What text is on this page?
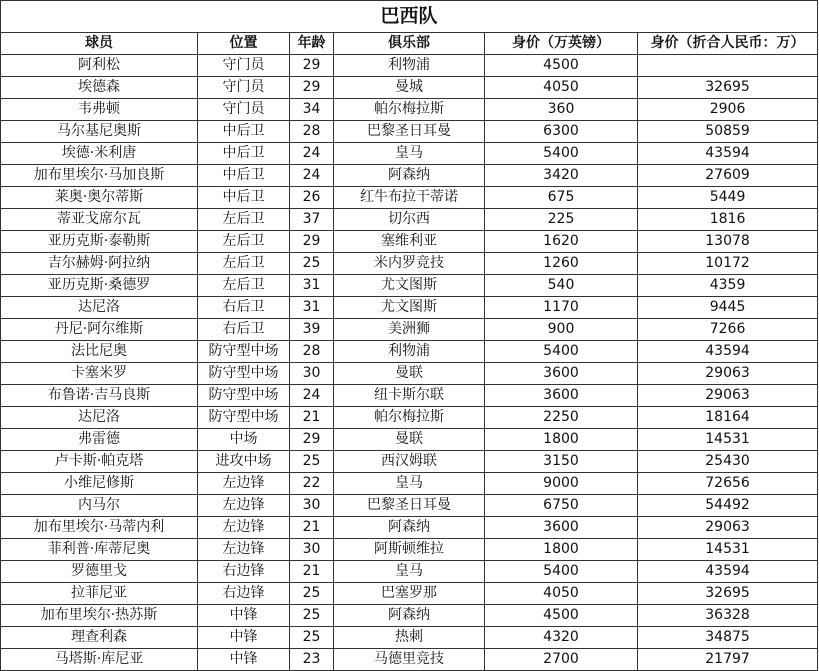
巴西队					
球员	位置	年龄	俱乐部	身价（万英镑）	身价（折合人民币：万）
阿利松	守门员	29	利物浦	4500	
埃德森	守门员	29	曼城	4050	32695
韦弗顿	守门员	34	帕尔梅拉斯	360	2906
马尔基尼奥斯	中后卫	28	巴黎圣日耳曼	6300	50859
埃德·米利唐	中后卫	24	皇马	5400	43594
加布里埃尔·马加良斯	中后卫	24	阿森纳	3420	27609
莱奥·奥尔蒂斯	中后卫	26	红牛布拉干蒂诺	675	5449
蒂亚戈席尔瓦	左后卫	37	切尔西	225	1816
亚历克斯·泰勒斯	左后卫	29	塞维利亚	1620	13078
吉尔赫姆·阿拉纳	左后卫	25	米内罗竞技	1260	10172
亚历克斯·桑德罗	左后卫	31	尤文图斯	540	4359
达尼洛	右后卫	31	尤文图斯	1170	9445
丹尼·阿尔维斯	右后卫	39	美洲狮	900	7266
法比尼奥	防守型中场	28	利物浦	5400	43594
卡塞米罗	防守型中场	30	曼联	3600	29063
布鲁诺·吉马良斯	防守型中场	24	纽卡斯尔联	3600	29063
达尼洛	防守型中场	21	帕尔梅拉斯	2250	18164
弗雷德	中场	29	曼联	1800	14531
卢卡斯·帕克塔	进攻中场	25	西汉姆联	3150	25430
小维尼修斯	左边锋	22	皇马	9000	72656
内马尔	左边锋	30	巴黎圣日耳曼	6750	54492
加布里埃尔·马蒂内利	左边锋	21	阿森纳	3600	29063
菲利普·库蒂尼奥	左边锋	30	阿斯顿维拉	1800	14531
罗德里戈	右边锋	21	皇马	5400	43594
拉菲尼亚	右边锋	25	巴塞罗那	4050	32695
加布里埃尔·热苏斯	中锋	25	阿森纳	4500	36328
理查利森	中锋	25	热刺	4320	34875
马塔斯·库尼亚	中锋	23	马德里竞技	2700	21797
